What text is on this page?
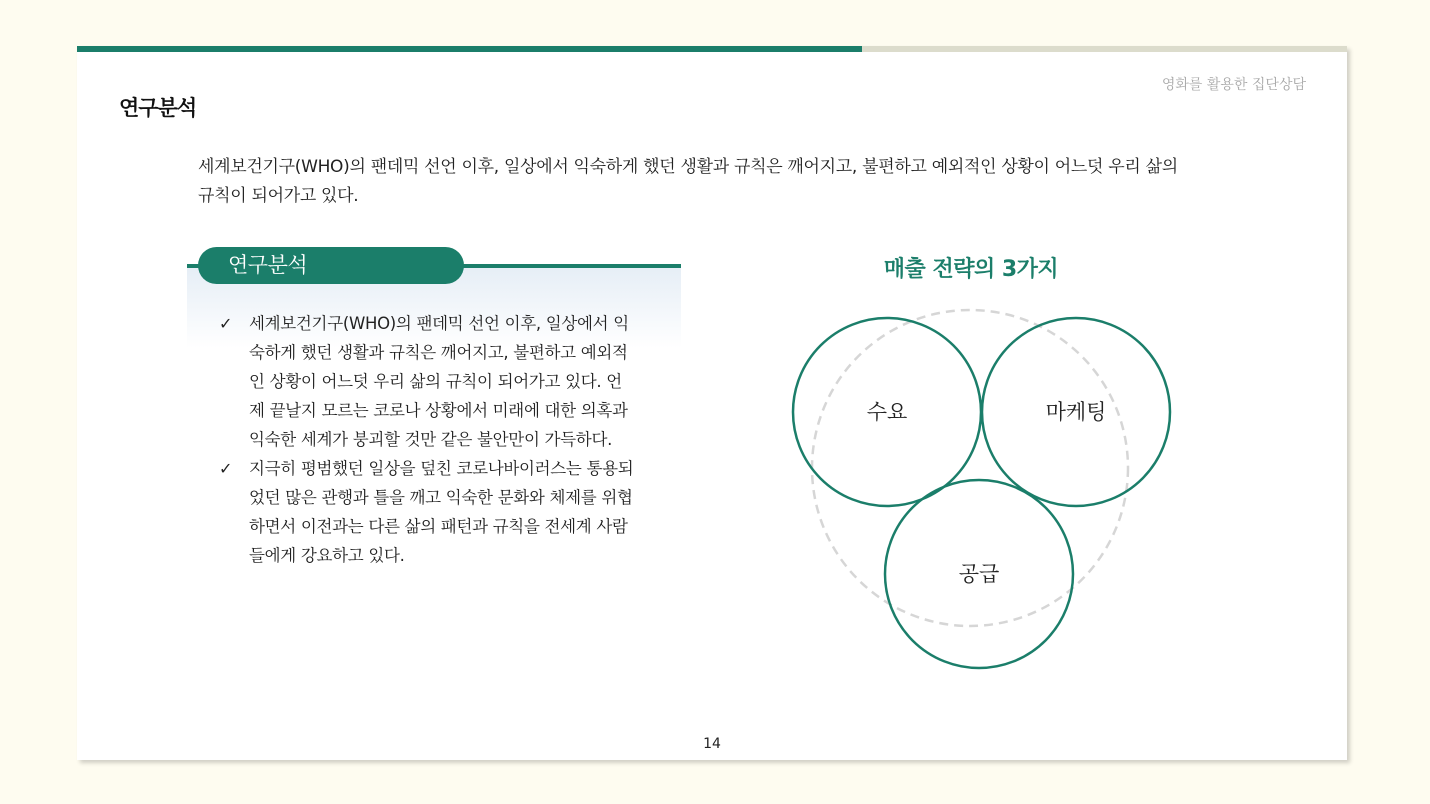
영화를 활용한 집단상담
연구분석
세계보건기구(WHO)의 팬데믹 선언 이후, 일상에서 익숙하게 했던 생활과 규칙은 깨어지고, 불편하고 예외적인 상황이 어느덧 우리 삶의
규칙이 되어가고 있다.
연구분석
✓ 세계보건기구(WHO)의 팬데믹 선언 이후, 일상에서 익
숙하게 했던 생활과 규칙은 깨어지고, 불편하고 예외적
인 상황이 어느덧 우리 삶의 규칙이 되어가고 있다. 언
제 끝날지 모르는 코로나 상황에서 미래에 대한 의혹과
익숙한 세계가 붕괴할 것만 같은 불안만이 가득하다.
✓ 지극히 평범했던 일상을 덮친 코로나바이러스는 통용되
었던 많은 관행과 틀을 깨고 익숙한 문화와 체제를 위협
하면서 이전과는 다른 삶의 패턴과 규칙을 전세계 사람
들에게 강요하고 있다.
매출 전략의 3가지
수요	마케팅
공급
14
